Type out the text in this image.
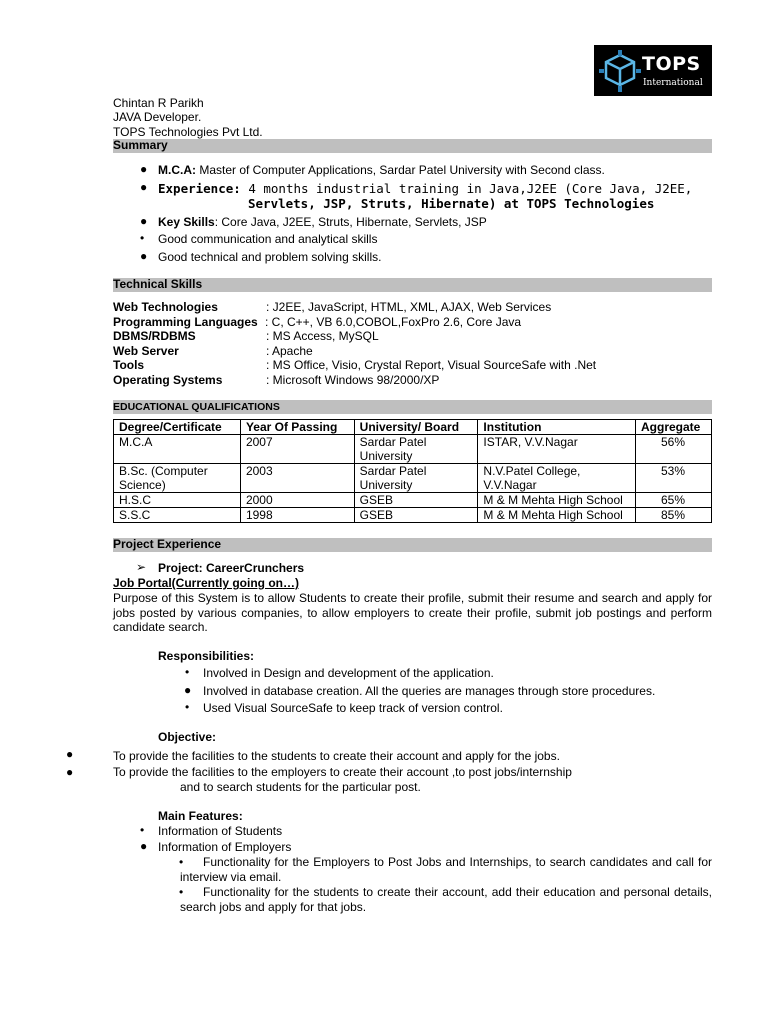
TOPS
International
Chintan R Parikh
JAVA Developer.
TOPS Technologies Pvt Ltd.
Summary
● M.C.A: Master of Computer Applications, Sardar Patel University with Second class.
● Experience: 4 months industrial training in Java,J2EE (Core Java, J2EE,
Servlets, JSP, Struts, Hibernate) at TOPS Technologies
● Key Skills: Core Java, J2EE, Struts, Hibernate, Servlets, JSP
• Good communication and analytical skills
● Good technical and problem solving skills.
Technical Skills
Web Technologies	: J2EE, JavaScript, HTML, XML, AJAX, Web Services
Programming Languages : C, C++, VB 6.0,COBOL,FoxPro 2.6, Core Java
DBMS/RDBMS	: MS Access, MySQL
Web Server	: Apache
Tools	: MS Office, Visio, Crystal Report, Visual SourceSafe with .Net
Operating Systems	: Microsoft Windows 98/2000/XP
EDUCATIONAL QUALIFICATIONS
Degree/Certificate	Year Of Passing	University/ Board	Institution	Aggregate
M.C.A	2007	Sardar Patel University	ISTAR, V.V.Nagar	56%
B.Sc. (Computer Science)	2003	Sardar Patel University	N.V.Patel College, V.V.Nagar	53%
H.S.C	2000	GSEB	M & M Mehta High School	65%
S.S.C	1998	GSEB	M & M Mehta High School	85%
Project Experience
➢ Project: CareerCrunchers
Job Portal(Currently going on…)
Purpose of this System is to allow Students to create their profile, submit their resume and search and apply for jobs posted by various companies, to allow employers to create their profile, submit job postings and perform candidate search.
Responsibilities:
• Involved in Design and development of the application.
● Involved in database creation. All the queries are manages through store procedures.
• Used Visual SourceSafe to keep track of version control.
Objective:
●	To provide the facilities to the students to create their account and apply for the jobs.
●	To provide the facilities to the employers to create their account ,to post jobs/internship
and to search students for the particular post.
Main Features:
• Information of Students
● Information of Employers
• Functionality for the Employers to Post Jobs and Internships, to search candidates and call for interview via email.
• Functionality for the students to create their account, add their education and personal details, search jobs and apply for that jobs.
